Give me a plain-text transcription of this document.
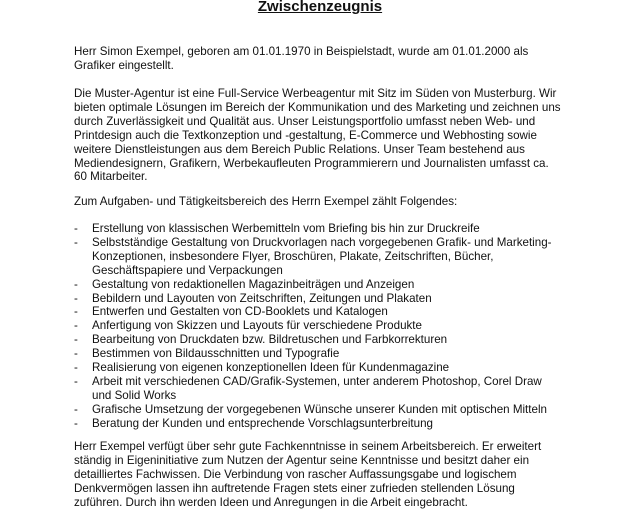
Zwischenzeugnis

Herr Simon Exempel, geboren am 01.01.1970 in Beispielstadt, wurde am 01.01.2000 als Grafiker eingestellt.

Die Muster-Agentur ist eine Full-Service Werbeagentur mit Sitz im Süden von Musterburg. Wir bieten optimale Lösungen im Bereich der Kommunikation und des Marketing und zeichnen uns durch Zuverlässigkeit und Qualität aus. Unser Leistungsportfolio umfasst neben Web- und Printdesign auch die Textkonzeption und -gestaltung, E-Commerce und Webhosting sowie weitere Dienstleistungen aus dem Bereich Public Relations. Unser Team bestehend aus Mediendesignern, Grafikern, Werbekaufleuten Programmierern und Journalisten umfasst ca. 60 Mitarbeiter.

Zum Aufgaben- und Tätigkeitsbereich des Herrn Exempel zählt Folgendes:

- Erstellung von klassischen Werbemitteln vom Briefing bis hin zur Druckreife
- Selbstständige Gestaltung von Druckvorlagen nach vorgegebenen Grafik- und Marketing-Konzeptionen, insbesondere Flyer, Broschüren, Plakate, Zeitschriften, Bücher, Geschäftspapiere und Verpackungen
- Gestaltung von redaktionellen Magazinbeiträgen und Anzeigen
- Bebildern und Layouten von Zeitschriften, Zeitungen und Plakaten
- Entwerfen und Gestalten von CD-Booklets und Katalogen
- Anfertigung von Skizzen und Layouts für verschiedene Produkte
- Bearbeitung von Druckdaten bzw. Bildretuschen und Farbkorrekturen
- Bestimmen von Bildausschnitten und Typografie
- Realisierung von eigenen konzeptionellen Ideen für Kundenmagazine
- Arbeit mit verschiedenen CAD/Grafik-Systemen, unter anderem Photoshop, Corel Draw und Solid Works
- Grafische Umsetzung der vorgegebenen Wünsche unserer Kunden mit optischen Mitteln
- Beratung der Kunden und entsprechende Vorschlagsunterbreitung

Herr Exempel verfügt über sehr gute Fachkenntnisse in seinem Arbeitsbereich. Er erweitert ständig in Eigeninitiative zum Nutzen der Agentur seine Kenntnisse und besitzt daher ein detailliertes Fachwissen. Die Verbindung von rascher Auffassungsgabe und logischem Denkvermögen lassen ihn auftretende Fragen stets einer zufrieden stellenden Lösung zuführen. Durch ihn werden Ideen und Anregungen in die Arbeit eingebracht.
